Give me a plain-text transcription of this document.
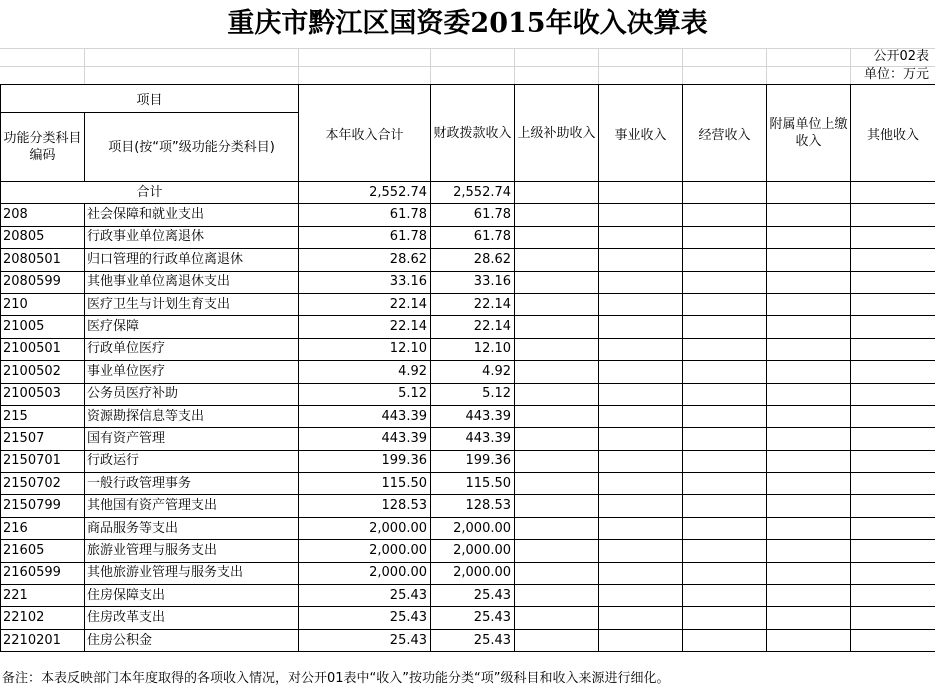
重庆市黔江区国资委2015年收入决算表
公开02表
单位：万元
项目		本年收入合计	财政拨款收入	上级补助收入	事业收入	经营收入	附属单位上缴收入	其他收入
功能分类科目编码	项目(按“项”级功能分类科目)							
合计		2,552.74	2,552.74					
208	社会保障和就业支出	61.78	61.78					
20805	行政事业单位离退休	61.78	61.78					
2080501	归口管理的行政单位离退休	28.62	28.62					
2080599	其他事业单位离退休支出	33.16	33.16					
210	医疗卫生与计划生育支出	22.14	22.14					
21005	医疗保障	22.14	22.14					
2100501	行政单位医疗	12.10	12.10					
2100502	事业单位医疗	4.92	4.92					
2100503	公务员医疗补助	5.12	5.12					
215	资源勘探信息等支出	443.39	443.39					
21507	国有资产管理	443.39	443.39					
2150701	行政运行	199.36	199.36					
2150702	一般行政管理事务	115.50	115.50					
2150799	其他国有资产管理支出	128.53	128.53					
216	商品服务等支出	2,000.00	2,000.00					
21605	旅游业管理与服务支出	2,000.00	2,000.00					
2160599	其他旅游业管理与服务支出	2,000.00	2,000.00					
221	住房保障支出	25.43	25.43					
22102	住房改革支出	25.43	25.43					
2210201	住房公积金	25.43	25.43					
备注：本表反映部门本年度取得的各项收入情况，对公开01表中“收入”按功能分类“项”级科目和收入来源进行细化。
